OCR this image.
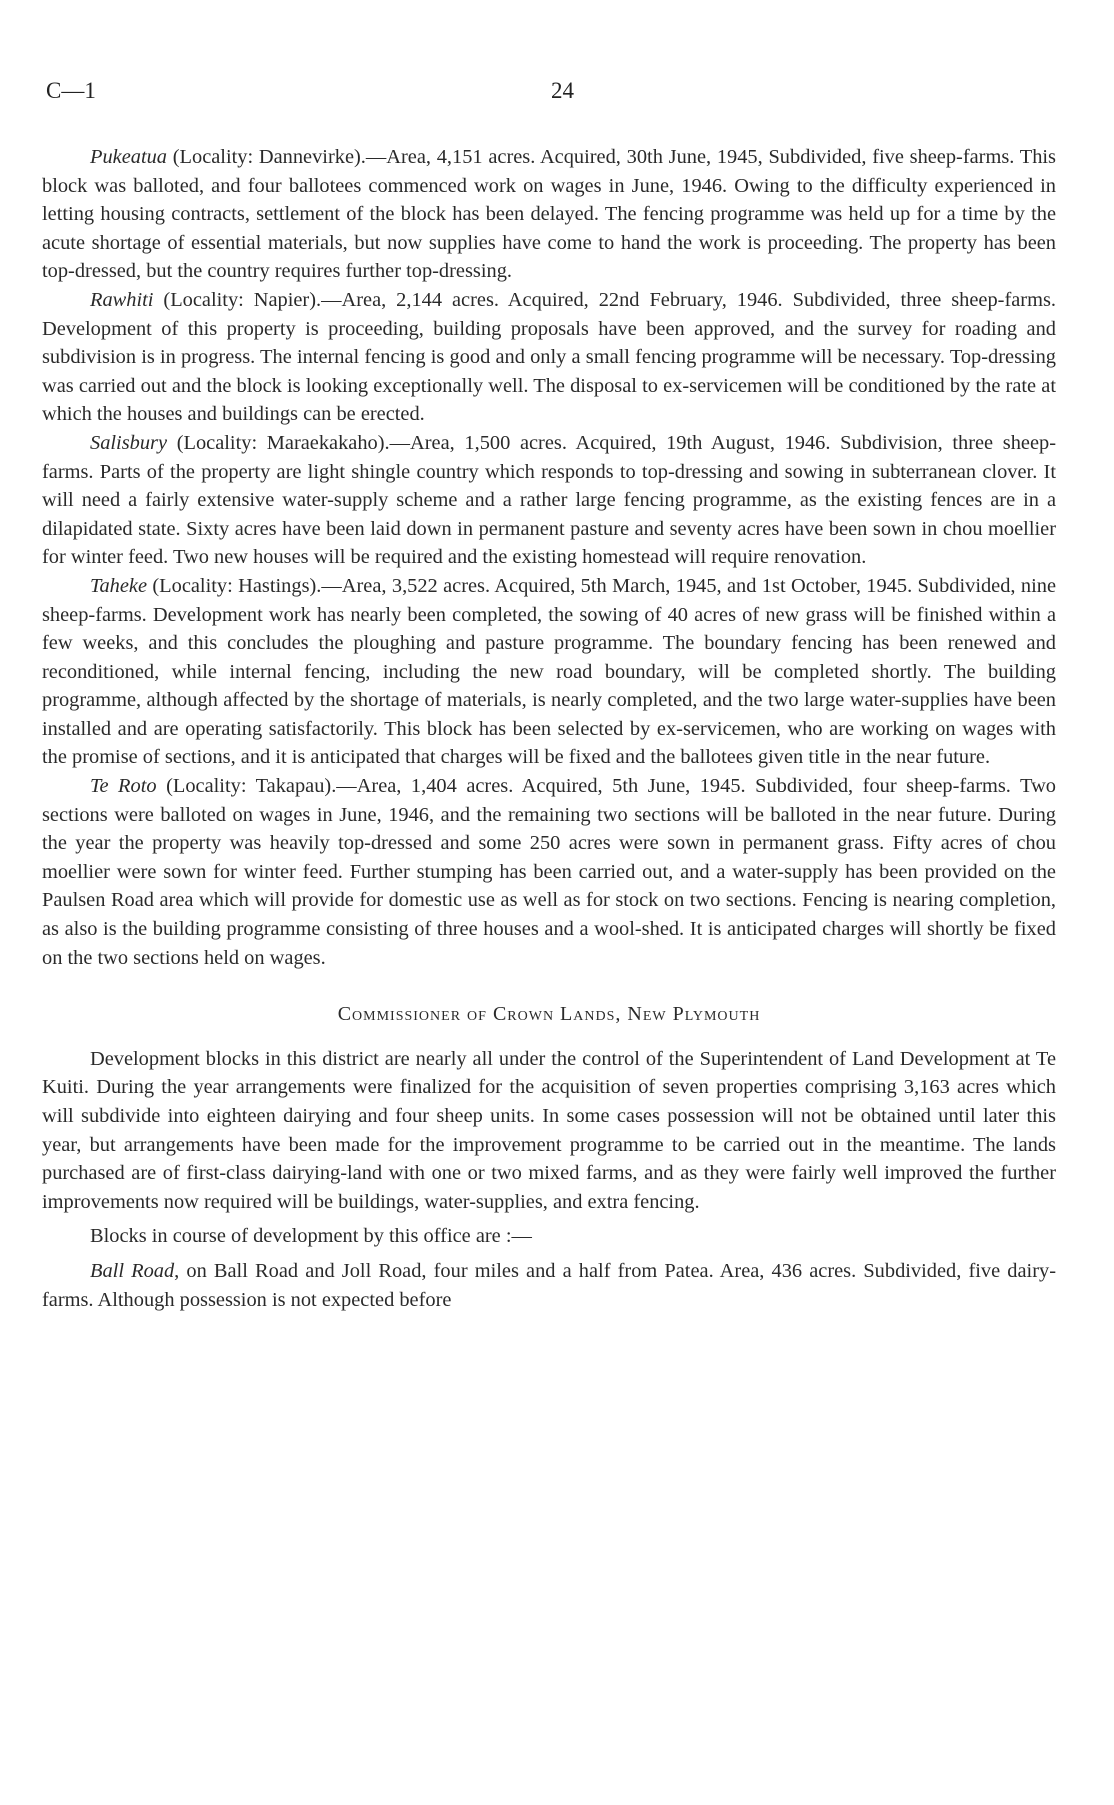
C—1	24

Pukeatua (Locality: Dannevirke).—Area, 4,151 acres. Acquired, 30th June, 1945, Subdivided, five sheep-farms. This block was balloted, and four ballotees commenced work on wages in June, 1946. Owing to the difficulty experienced in letting housing contracts, settlement of the block has been delayed. The fencing programme was held up for a time by the acute shortage of essential materials, but now supplies have come to hand the work is proceeding. The property has been top-dressed, but the country requires further top-dressing.

Rawhiti (Locality: Napier).—Area, 2,144 acres. Acquired, 22nd February, 1946. Subdivided, three sheep-farms. Development of this property is proceeding, building proposals have been approved, and the survey for roading and subdivision is in progress. The internal fencing is good and only a small fencing programme will be necessary. Top-dressing was carried out and the block is looking exceptionally well. The disposal to ex-servicemen will be conditioned by the rate at which the houses and buildings can be erected.

Salisbury (Locality: Maraekakaho).—Area, 1,500 acres. Acquired, 19th August, 1946. Subdivision, three sheep-farms. Parts of the property are light shingle country which responds to top-dressing and sowing in subterranean clover. It will need a fairly extensive water-supply scheme and a rather large fencing programme, as the existing fences are in a dilapidated state. Sixty acres have been laid down in permanent pasture and seventy acres have been sown in chou moellier for winter feed. Two new houses will be required and the existing homestead will require renovation.

Taheke (Locality: Hastings).—Area, 3,522 acres. Acquired, 5th March, 1945, and 1st October, 1945. Subdivided, nine sheep-farms. Development work has nearly been completed, the sowing of 40 acres of new grass will be finished within a few weeks, and this concludes the ploughing and pasture programme. The boundary fencing has been renewed and reconditioned, while internal fencing, including the new road boundary, will be completed shortly. The building programme, although affected by the shortage of materials, is nearly completed, and the two large water-supplies have been installed and are operating satisfactorily. This block has been selected by ex-servicemen, who are working on wages with the promise of sections, and it is anticipated that charges will be fixed and the ballotees given title in the near future.

Te Roto (Locality: Takapau).—Area, 1,404 acres. Acquired, 5th June, 1945. Subdivided, four sheep-farms. Two sections were balloted on wages in June, 1946, and the remaining two sections will be balloted in the near future. During the year the property was heavily top-dressed and some 250 acres were sown in permanent grass. Fifty acres of chou moellier were sown for winter feed. Further stumping has been carried out, and a water-supply has been provided on the Paulsen Road area which will provide for domestic use as well as for stock on two sections. Fencing is nearing completion, as also is the building programme consisting of three houses and a wool-shed. It is anticipated charges will shortly be fixed on the two sections held on wages.

Commissioner of Crown Lands, New Plymouth

Development blocks in this district are nearly all under the control of the Superintendent of Land Development at Te Kuiti. During the year arrangements were finalized for the acquisition of seven properties comprising 3,163 acres which will subdivide into eighteen dairying and four sheep units. In some cases possession will not be obtained until later this year, but arrangements have been made for the improvement programme to be carried out in the meantime. The lands purchased are of first-class dairying-land with one or two mixed farms, and as they were fairly well improved the further improvements now required will be buildings, water-supplies, and extra fencing.

Blocks in course of development by this office are :—

Ball Road, on Ball Road and Joll Road, four miles and a half from Patea. Area, 436 acres. Subdivided, five dairy-farms. Although possession is not expected before
